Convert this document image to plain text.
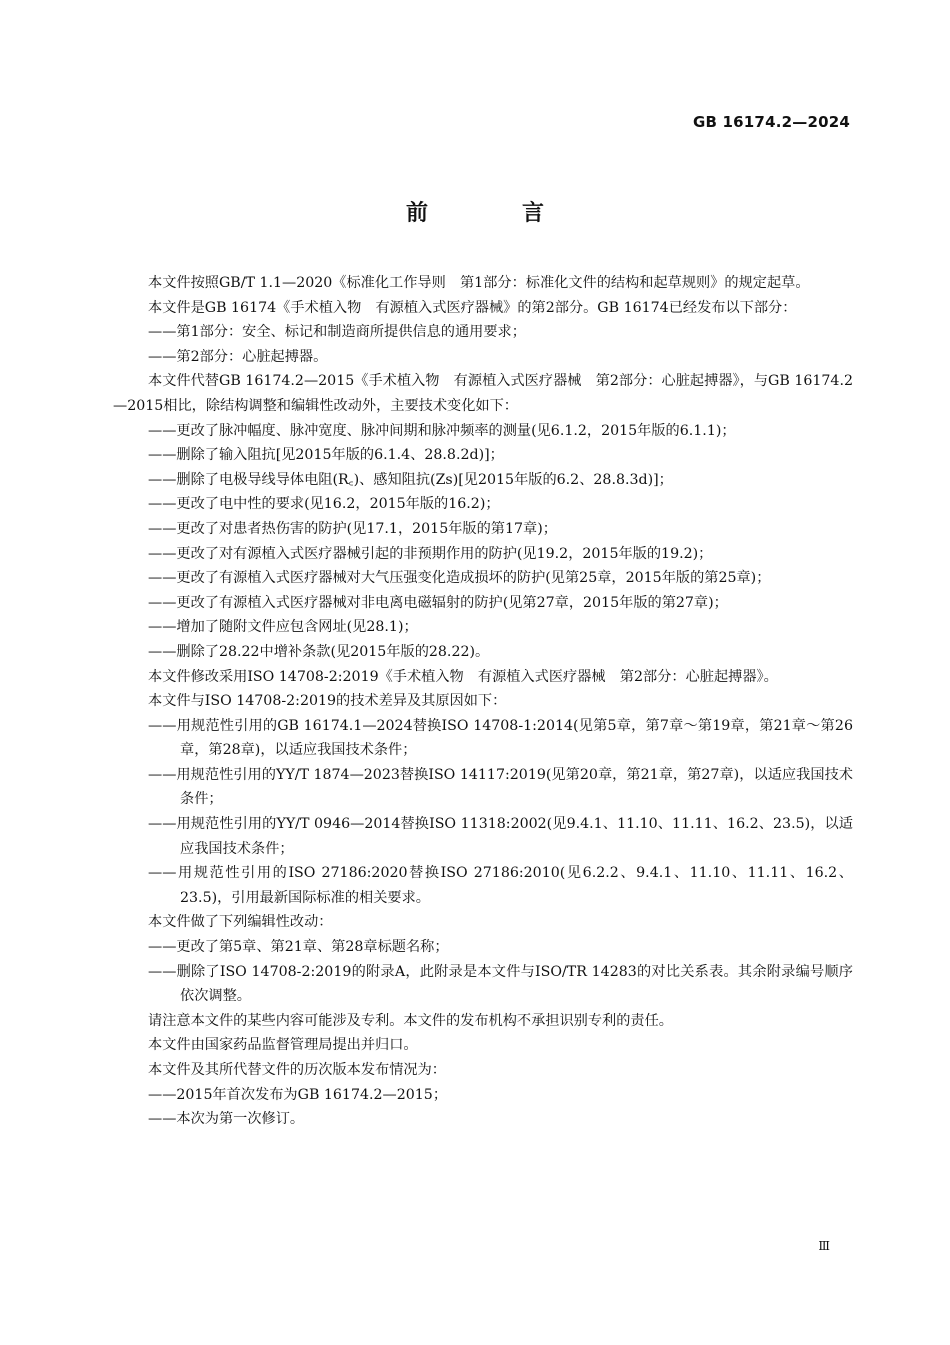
GB 16174.2—2024
前　言

本文件按照GB/T 1.1—2020《标准化工作导则　第1部分：标准化文件的结构和起草规则》的规定起草。

本文件是GB 16174《手术植入物　有源植入式医疗器械》的第2部分。GB 16174已经发布以下部分：

——第1部分：安全、标记和制造商所提供信息的通用要求；

——第2部分：心脏起搏器。

本文件代替GB 16174.2—2015《手术植入物　有源植入式医疗器械　第2部分：心脏起搏器》，与GB 16174.2—2015相比，除结构调整和编辑性改动外，主要技术变化如下：

——更改了脉冲幅度、脉冲宽度、脉冲间期和脉冲频率的测量(见6.1.2，2015年版的6.1.1)；

——删除了输入阻抗[见2015年版的6.1.4、28.8.2d)]；

——删除了电极导线导体电阻(R꜀)、感知阻抗(Zs)[见2015年版的6.2、28.8.3d)]；

——更改了电中性的要求(见16.2，2015年版的16.2)；

——更改了对患者热伤害的防护(见17.1，2015年版的第17章)；

——更改了对有源植入式医疗器械引起的非预期作用的防护(见19.2，2015年版的19.2)；

——更改了有源植入式医疗器械对大气压强变化造成损坏的防护(见第25章，2015年版的第25章)；

——更改了有源植入式医疗器械对非电离电磁辐射的防护(见第27章，2015年版的第27章)；

——增加了随附文件应包含网址(见28.1)；

——删除了28.22中增补条款(见2015年版的28.22)。

本文件修改采用ISO 14708-2:2019《手术植入物　有源植入式医疗器械　第2部分：心脏起搏器》。

本文件与ISO 14708-2:2019的技术差异及其原因如下：

——用规范性引用的GB 16174.1—2024替换ISO 14708-1:2014(见第5章，第7章～第19章，第21章～第26章，第28章)，以适应我国技术条件；

——用规范性引用的YY/T 1874—2023替换ISO 14117:2019(见第20章，第21章，第27章)，以适应我国技术条件；

——用规范性引用的YY/T 0946—2014替换ISO 11318:2002(见9.4.1、11.10、11.11、16.2、23.5)，以适应我国技术条件；

——用规范性引用的ISO 27186:2020替换ISO 27186:2010(见6.2.2、9.4.1、11.10、11.11、16.2、23.5)，引用最新国际标准的相关要求。

本文件做了下列编辑性改动：

——更改了第5章、第21章、第28章标题名称；

——删除了ISO 14708-2:2019的附录A，此附录是本文件与ISO/TR 14283的对比关系表。其余附录编号顺序依次调整。

请注意本文件的某些内容可能涉及专利。本文件的发布机构不承担识别专利的责任。

本文件由国家药品监督管理局提出并归口。

本文件及其所代替文件的历次版本发布情况为：

——2015年首次发布为GB 16174.2—2015；

——本次为第一次修订。

Ⅲ
